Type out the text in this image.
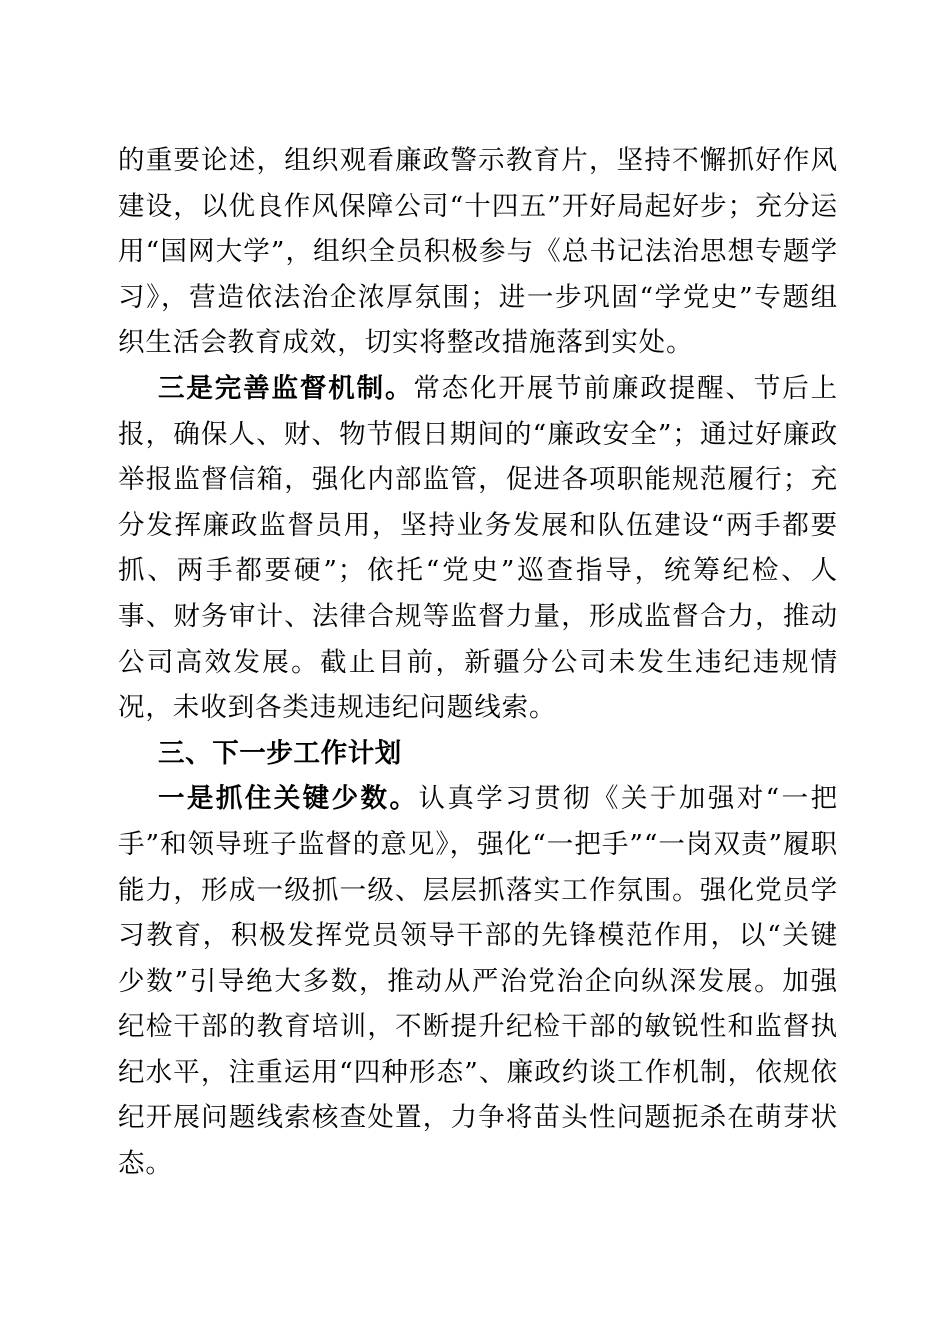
的重要论述，组织观看廉政警示教育片，坚持不懈抓好作风建设，以优良作风保障公司“十四五”开好局起好步；充分运用“国网大学”，组织全员积极参与《总书记法治思想专题学习》，营造依法治企浓厚氛围；进一步巩固“学党史”专题组织生活会教育成效，切实将整改措施落到实处。

三是完善监督机制。常态化开展节前廉政提醒、节后上报，确保人、财、物节假日期间的“廉政安全”；通过好廉政举报监督信箱，强化内部监管，促进各项职能规范履行；充分发挥廉政监督员用，坚持业务发展和队伍建设“两手都要抓、两手都要硬”；依托“党史”巡查指导，统筹纪检、人事、财务审计、法律合规等监督力量，形成监督合力，推动公司高效发展。截止目前，新疆分公司未发生违纪违规情况，未收到各类违规违纪问题线索。

三、下一步工作计划

一是抓住关键少数。认真学习贯彻《关于加强对“一把手”和领导班子监督的意见》，强化“一把手”“一岗双责”履职能力，形成一级抓一级、层层抓落实工作氛围。强化党员学习教育，积极发挥党员领导干部的先锋模范作用，以“关键少数”引导绝大多数，推动从严治党治企向纵深发展。加强纪检干部的教育培训，不断提升纪检干部的敏锐性和监督执纪水平，注重运用“四种形态”、廉政约谈工作机制，依规依纪开展问题线索核查处置，力争将苗头性问题扼杀在萌芽状态。
